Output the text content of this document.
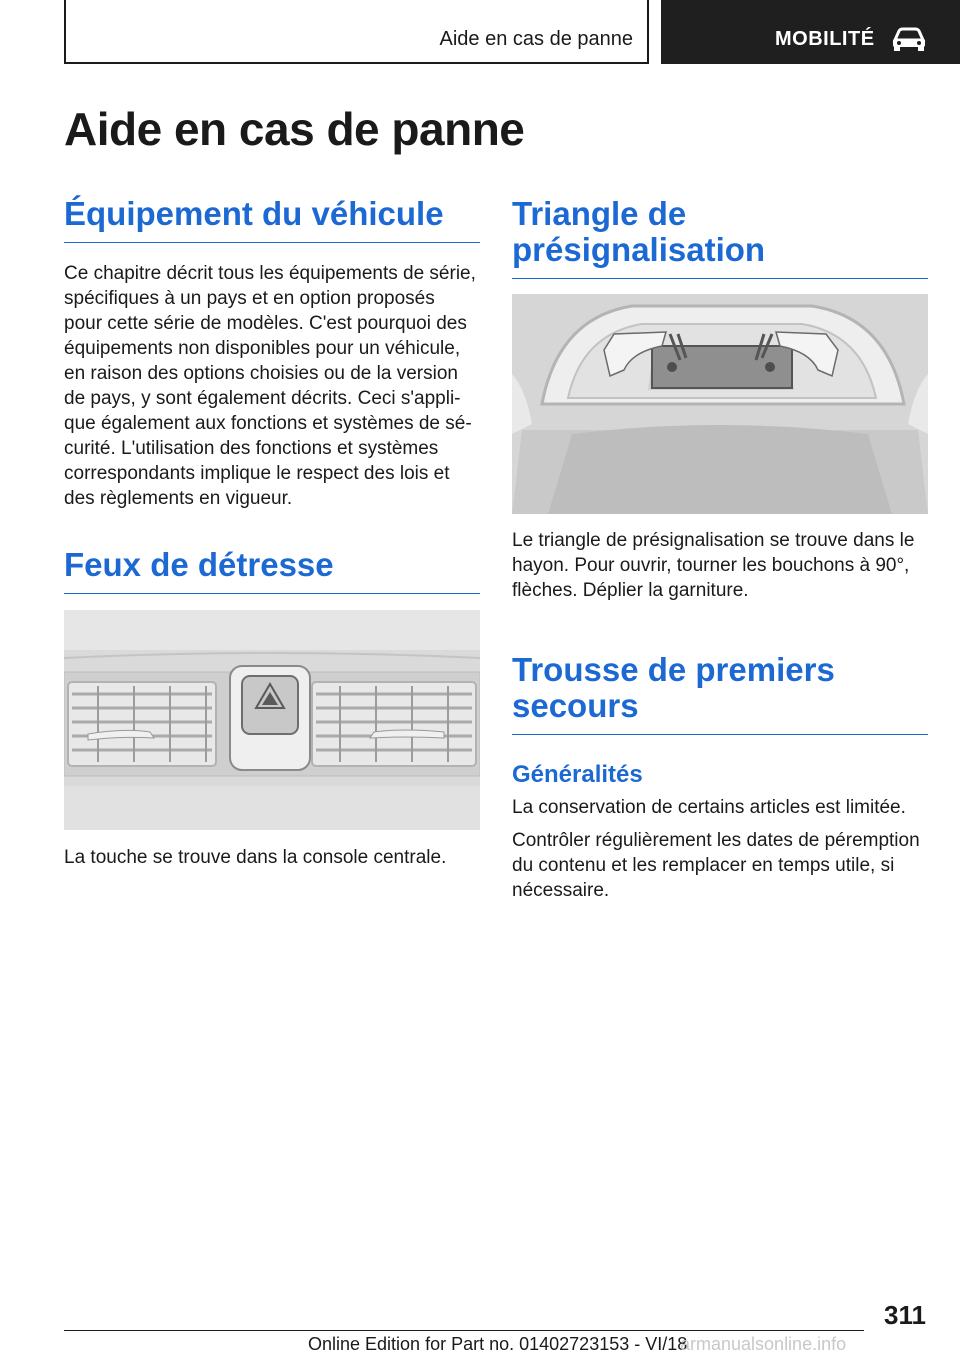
Aide en cas de panne	MOBILITÉ
Aide en cas de panne
Équipement du véhicule

Ce chapitre décrit tous les équipements de série,

spécifiques à un pays et en option proposés

pour cette série de modèles. C'est pourquoi des

équipements non disponibles pour un véhicule,

en raison des options choisies ou de la version

de pays, y sont également décrits. Ceci s'appli‐

que également aux fonctions et systèmes de sé‐

curité. L'utilisation des fonctions et systèmes

correspondants implique le respect des lois et

des règlements en vigueur.

Feux de détresse

La touche se trouve dans la console centrale.

Triangle de
présignalisation

Le triangle de présignalisation se trouve dans le

hayon. Pour ouvrir, tourner les bouchons à 90°,

flèches. Déplier la garniture.

Trousse de premiers
secours
Généralités

La conservation de certains articles est limitée.

Contrôler régulièrement les dates de péremption

du contenu et les remplacer en temps utile, si

nécessaire.

311
Online Edition for Part no. 01402723153 - VI/18
armanualsonline.info
